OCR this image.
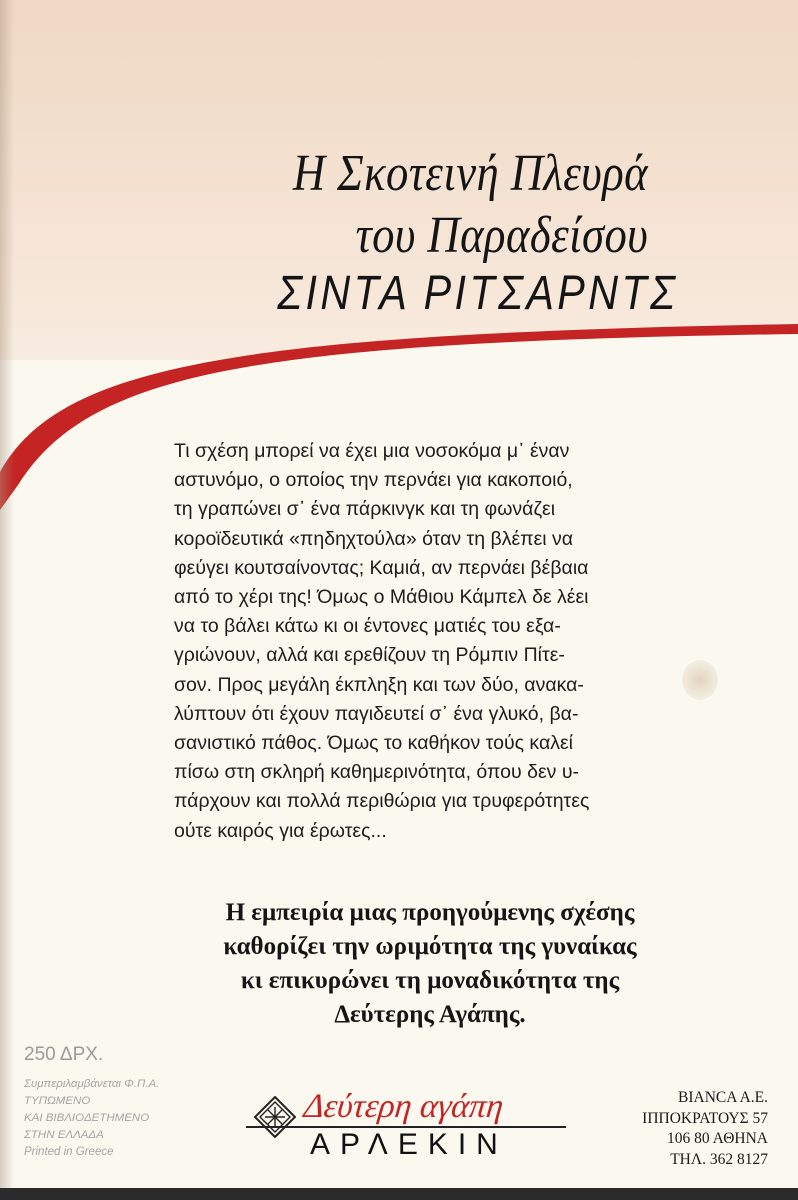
Η Σκοτεινή Πλευρά
του Παραδείσου
ΣΙΝΤΑ ΡΙΤΣΑΡΝΤΣ
Τι σχέση μπορεί να έχει μια νοσοκόμα μ᾿ έναν
αστυνόμο, ο οποίος την περνάει για κακοποιό,
τη γραπώνει σ᾿ ένα πάρκινγκ και τη φωνάζει
κοροϊδευτικά «πηδηχτούλα» όταν τη βλέπει να
φεύγει κουτσαίνοντας; Καμιά, αν περνάει βέβαια
από το χέρι της! Όμως ο Μάθιου Κάμπελ δε λέει
να το βάλει κάτω κι οι έντονες ματιές του εξα-
γριώνουν, αλλά και ερεθίζουν τη Ρόμπιν Πίτε-
σον. Προς μεγάλη έκπληξη και των δύο, ανακα-
λύπτουν ότι έχουν παγιδευτεί σ᾿ ένα γλυκό, βα-
σανιστικό πάθος. Όμως το καθήκον τούς καλεί
πίσω στη σκληρή καθημερινότητα, όπου δεν υ-
πάρχουν και πολλά περιθώρια για τρυφερότητες
ούτε καιρός για έρωτες...
Η εμπειρία μιας προηγούμενης σχέσης
καθορίζει την ωριμότητα της γυναίκας
κι επικυρώνει τη μοναδικότητα της
Δεύτερης Αγάπης.
250 ΔΡΧ.
Συμπεριλαμβάνεται Φ.Π.Α.
ΤΥΠΩΜΕΝΟ
ΚΑΙ ΒΙΒΛΙΟΔΕΤΗΜΕΝΟ
ΣΤΗΝ ΕΛΛΑΔΑ
Printed in Greece
Δεύτερη αγάπη
ΑΡΛΕΚΙΝ
BIANCA A.E.
ΙΠΠΟΚΡΑΤΟΥΣ 57
106 80 ΑΘΗΝΑ
ΤΗΛ. 362 8127
